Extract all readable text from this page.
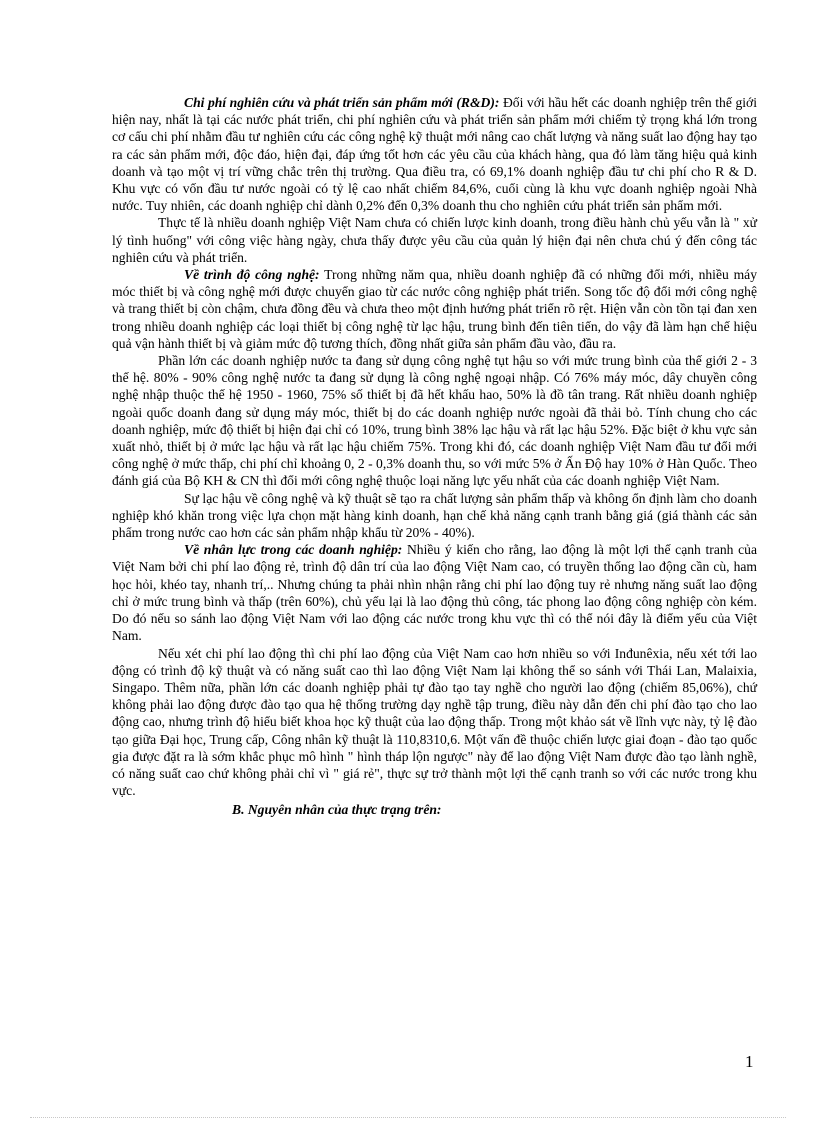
Chi phí nghiên cứu và phát triển sản phẩm mới (R&D): Đối với hầu hết các doanh nghiệp trên thế giới hiện nay, nhất là tại các nước phát triển, chi phí nghiên cứu và phát triển sản phẩm mới chiếm tỷ trọng khá lớn trong cơ cấu chi phí nhằm đầu tư nghiên cứu các công nghệ kỹ thuật mới nâng cao chất lượng và năng suất lao động hay tạo ra các sản phẩm mới, độc đáo, hiện đại, đáp ứng tốt hơn các yêu cầu của khách hàng, qua đó làm tăng hiệu quả kinh doanh và tạo một vị trí vững chắc trên thị trường. Qua điều tra, có 69,1% doanh nghiệp đầu tư chi phí cho R & D. Khu vực có vốn đầu tư nước ngoài có tỷ lệ cao nhất chiếm 84,6%, cuối cùng là khu vực doanh nghiệp ngoài Nhà nước. Tuy nhiên, các doanh nghiệp chỉ dành 0,2% đến 0,3% doanh thu cho nghiên cứu phát triển sản phẩm mới.

Thực tế là nhiều doanh nghiệp Việt Nam chưa có chiến lược kinh doanh, trong điều hành chủ yếu vẫn là " xử lý tình huống" với công việc hàng ngày, chưa thấy được yêu cầu của quản lý hiện đại nên chưa chú ý đến công tác nghiên cứu và phát triển.

Về trình độ công nghệ: Trong những năm qua, nhiều doanh nghiệp đã có những đổi mới, nhiều máy móc thiết bị và công nghệ mới được chuyển giao từ các nước công nghiệp phát triển. Song tốc độ đổi mới công nghệ và trang thiết bị còn chậm, chưa đồng đều và chưa theo một định hướng phát triển rõ rệt. Hiện vẫn còn tồn tại đan xen trong nhiều doanh nghiệp các loại thiết bị công nghệ từ lạc hậu, trung bình đến tiên tiến, do vậy đã làm hạn chế hiệu quả vận hành thiết bị và giảm mức độ tương thích, đồng nhất giữa sản phẩm đầu vào, đầu ra.

Phần lớn các doanh nghiệp nước ta đang sử dụng công nghệ tụt hậu so với mức trung bình của thế giới 2 - 3 thế hệ. 80% - 90% công nghệ nước ta đang sử dụng là công nghệ ngoại nhập. Có 76% máy móc, dây chuyền công nghệ nhập thuộc thế hệ 1950 - 1960, 75% số thiết bị đã hết khấu hao, 50% là đồ tân trang. Rất nhiều doanh nghiệp ngoài quốc doanh đang sử dụng máy móc, thiết bị do các doanh nghiệp nước ngoài đã thải bỏ. Tính chung cho các doanh nghiệp, mức độ thiết bị hiện đại chỉ có 10%, trung bình 38% lạc hậu và rất lạc hậu 52%. Đặc biệt ở khu vực sản xuất nhỏ, thiết bị ở mức lạc hậu và rất lạc hậu chiếm 75%. Trong khi đó, các doanh nghiệp Việt Nam đầu tư đổi mới công nghệ ở mức thấp, chi phí chỉ khoảng 0, 2 - 0,3% doanh thu, so với mức 5% ở Ấn Độ hay 10% ở Hàn Quốc. Theo đánh giá của Bộ KH & CN thì đổi mới công nghệ thuộc loại năng lực yếu nhất của các doanh nghiệp Việt Nam.

Sự lạc hậu về công nghệ và kỹ thuật sẽ tạo ra chất lượng sản phẩm thấp và không ổn định làm cho doanh nghiệp khó khăn trong việc lựa chọn mặt hàng kinh doanh, hạn chế khả năng cạnh tranh bằng giá (giá thành các sản phẩm trong nước cao hơn các sản phẩm nhập khẩu từ 20% - 40%).

Về nhân lực trong các doanh nghiệp: Nhiều ý kiến cho rằng, lao động là một lợi thế cạnh tranh của Việt Nam bởi chi phí lao động rẻ, trình độ dân trí của lao động Việt Nam cao, có truyền thống lao động cần cù, ham học hỏi, khéo tay, nhanh trí,.. Nhưng chúng ta phải nhìn nhận rằng chi phí lao động tuy rẻ nhưng năng suất lao động chỉ ở mức trung bình và thấp (trên 60%), chủ yếu lại là lao động thủ công, tác phong lao động công nghiệp còn kém. Do đó nếu so sánh lao động Việt Nam với lao động các nước trong khu vực thì có thể nói đây là điểm yếu của Việt Nam.

Nếu xét chi phí lao động thì chi phí lao động của Việt Nam cao hơn nhiều so với Inđunêxia, nếu xét tới lao động có trình độ kỹ thuật và có năng suất cao thì lao động Việt Nam lại không thể so sánh với Thái Lan, Malaixia, Singapo. Thêm nữa, phần lớn các doanh nghiệp phải tự đào tạo tay nghề cho người lao động (chiếm 85,06%), chứ không phải lao động được đào tạo qua hệ thống trường dạy nghề tập trung, điều này dẫn đến chi phí đào tạo cho lao động cao, nhưng trình độ hiểu biết khoa học kỹ thuật của lao động thấp. Trong một khảo sát về lĩnh vực này, tỷ lệ đào tạo giữa Đại học, Trung cấp, Công nhân kỹ thuật là 110,8310,6. Một vấn đề thuộc chiến lược giai đoạn - đào tạo quốc gia được đặt ra là sớm khắc phục mô hình " hình tháp lộn ngược" này để lao động Việt Nam được đào tạo lành nghề, có năng suất cao chứ không phải chỉ vì " giá rẻ", thực sự trở thành một lợi thế cạnh tranh so với các nước trong khu vực.

B. Nguyên nhân của thực trạng trên:

1
